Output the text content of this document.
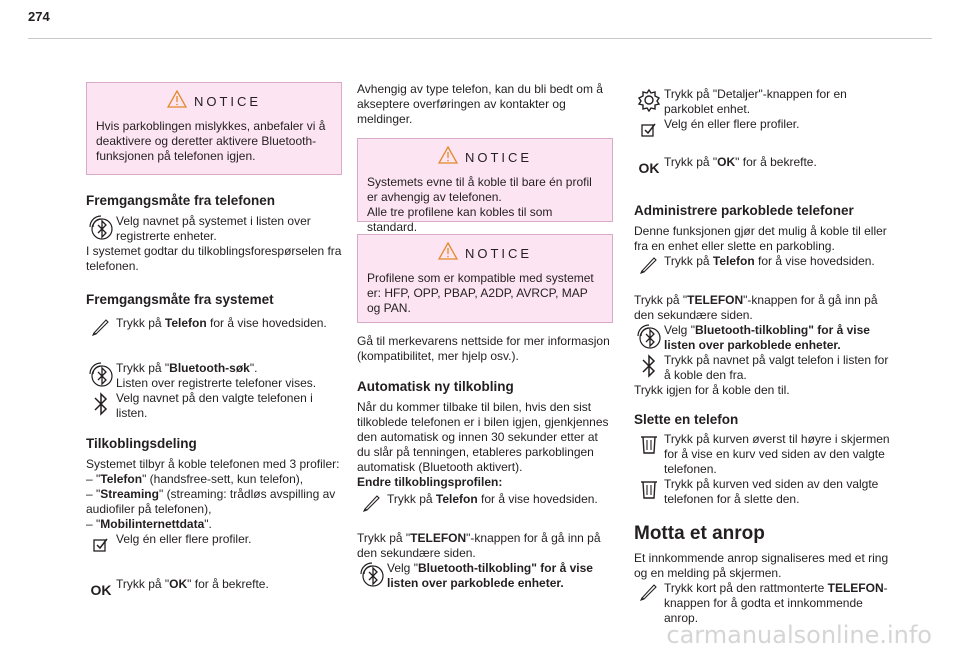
274
NOTICE

Hvis parkoblingen mislykkes, anbefaler vi å deaktivere og deretter aktivere Bluetooth-funksjonen på telefonen igjen.

Fremgangsmåte fra telefonen
Velg navnet på systemet i listen over registrerte enheter.

I systemet godtar du tilkoblingsforespørselen fra telefonen.

Fremgangsmåte fra systemet
Trykk på Telefon for å vise hovedsiden.
Trykk på "Bluetooth-søk".
Listen over registrerte telefoner vises.
Velg navnet på den valgte telefonen i listen.
Tilkoblingsdeling

Systemet tilbyr å koble telefonen med 3 profiler:

– "Telefon" (handsfree-sett, kun telefon),

– "Streaming" (streaming: trådløs avspilling av audiofiler på telefonen),

– "Mobilinternettdata".

Velg én eller flere profiler.
OK Trykk på "OK" for å bekrefte.

Avhengig av type telefon, kan du bli bedt om å akseptere overføringen av kontakter og meldinger.

NOTICE

Systemets evne til å koble til bare én profil er avhengig av telefonen.

Alle tre profilene kan kobles til som standard.

NOTICE

Profilene som er kompatible med systemet er: HFP, OPP, PBAP, A2DP, AVRCP, MAP og PAN.

Gå til merkevarens nettside for mer informasjon (kompatibilitet, mer hjelp osv.).

Automatisk ny tilkobling

Når du kommer tilbake til bilen, hvis den sist tilkoblede telefonen er i bilen igjen, gjenkjennes den automatisk og innen 30 sekunder etter at du slår på tenningen, etableres parkoblingen automatisk (Bluetooth aktivert).

Endre tilkoblingsprofilen:

Trykk på Telefon for å vise hovedsiden.

Trykk på "TELEFON"-knappen for å gå inn på den sekundære siden.

Velg "Bluetooth-tilkobling" for å vise listen over parkoblede enheter.
Trykk på "Detaljer"-knappen for en parkoblet enhet.
Velg én eller flere profiler.
OK Trykk på "OK" for å bekrefte.
Administrere parkoblede telefoner

Denne funksjonen gjør det mulig å koble til eller fra en enhet eller slette en parkobling.

Trykk på Telefon for å vise hovedsiden.

Trykk på "TELEFON"-knappen for å gå inn på den sekundære siden.

Velg "Bluetooth-tilkobling" for å vise listen over parkoblede enheter.
Trykk på navnet på valgt telefon i listen for å koble den fra.

Trykk igjen for å koble den til.

Slette en telefon

Trykk på kurven øverst til høyre i skjermen for å vise en kurv ved siden av den valgte telefonen.

Trykk på kurven ved siden av den valgte telefonen for å slette den.
Motta et anrop

Et innkommende anrop signaliseres med et ring og en melding på skjermen.

Trykk kort på den rattmonterte TELEFON-knappen for å godta et innkommende anrop.
carmanualsonline.info
